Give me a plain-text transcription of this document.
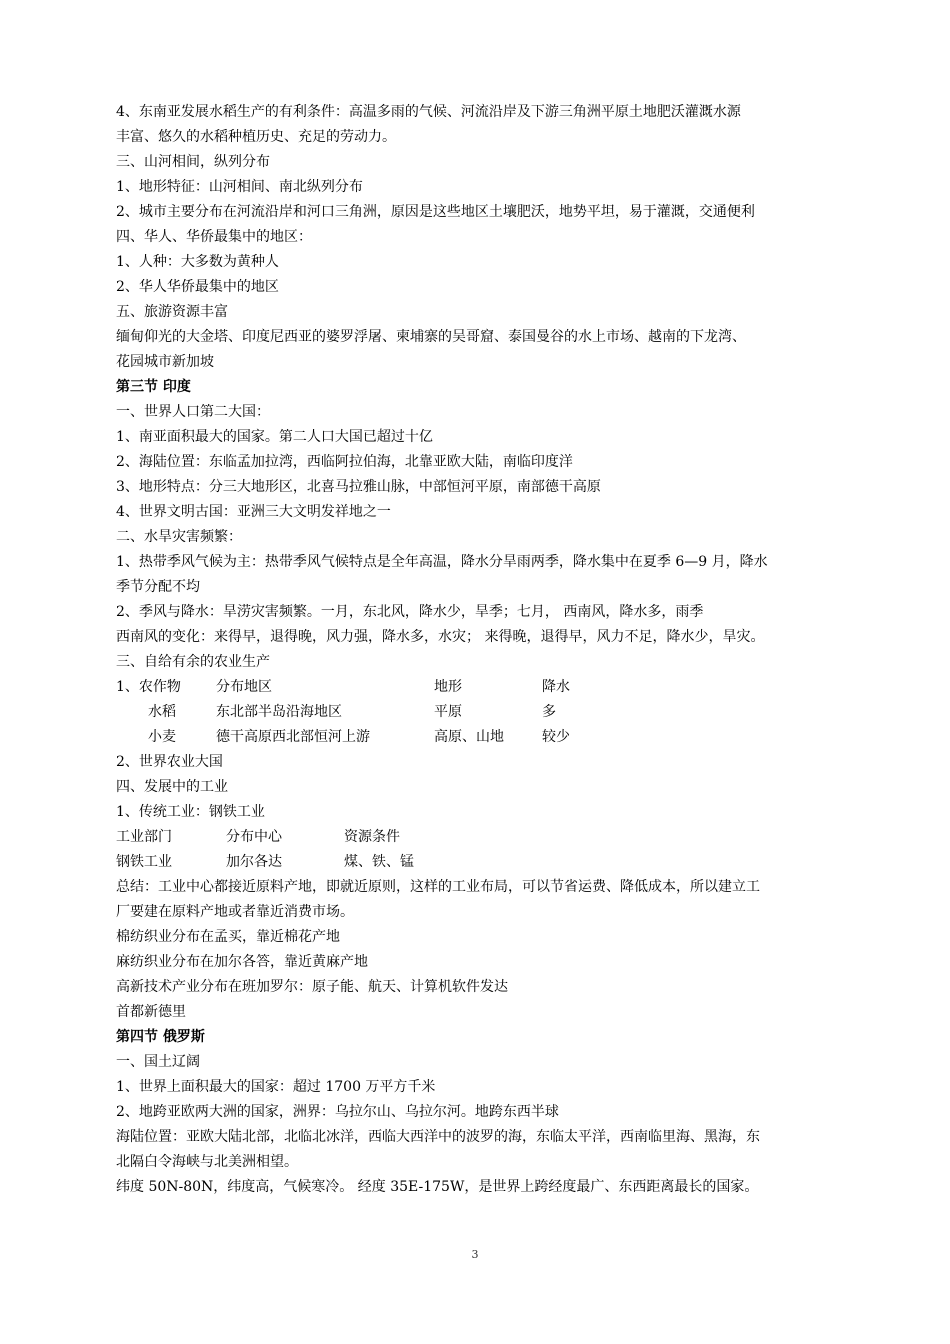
4、东南亚发展水稻生产的有利条件：高温多雨的气候、河流沿岸及下游三角洲平原土地肥沃灌溉水源
丰富、悠久的水稻种植历史、充足的劳动力。
三、山河相间，纵列分布
1、地形特征：山河相间、南北纵列分布
2、城市主要分布在河流沿岸和河口三角洲，原因是这些地区土壤肥沃，地势平坦，易于灌溉，交通便利
四、华人、华侨最集中的地区：
1、人种：大多数为黄种人
2、华人华侨最集中的地区
五、旅游资源丰富
缅甸仰光的大金塔、印度尼西亚的婆罗浮屠、柬埔寨的吴哥窟、泰国曼谷的水上市场、越南的下龙湾、
花园城市新加坡
第三节 印度
一、世界人口第二大国：
1、南亚面积最大的国家。第二人口大国已超过十亿
2、海陆位置：东临孟加拉湾，西临阿拉伯海，北靠亚欧大陆，南临印度洋
3、地形特点：分三大地形区，北喜马拉雅山脉，中部恒河平原，南部德干高原
4、世界文明古国：亚洲三大文明发祥地之一
二、水旱灾害频繁：
1、热带季风气候为主：热带季风气候特点是全年高温，降水分旱雨两季，降水集中在夏季 6—9 月，降水
季节分配不均
2、季风与降水：旱涝灾害频繁。一月，东北风，降水少，旱季；七月， 西南风，降水多，雨季
西南风的变化：来得早，退得晚，风力强，降水多，水灾； 来得晚，退得早，风力不足，降水少，旱灾。
三、自给有余的农业生产
1、农作物	分布地区	地形	降水
水稻	东北部半岛沿海地区	平原	多
小麦	德干高原西北部恒河上游	高原、山地	较少
2、世界农业大国
四、发展中的工业
1、传统工业：钢铁工业
工业部门	分布中心	资源条件
钢铁工业	加尔各达	煤、铁、锰
总结：工业中心都接近原料产地，即就近原则，这样的工业布局，可以节省运费、降低成本，所以建立工
厂要建在原料产地或者靠近消费市场。
棉纺织业分布在孟买，靠近棉花产地
麻纺织业分布在加尔各答，靠近黄麻产地
高新技术产业分布在班加罗尔：原子能、航天、计算机软件发达
首都新德里
第四节 俄罗斯
一、国土辽阔
1、世界上面积最大的国家：超过 1700 万平方千米
2、地跨亚欧两大洲的国家，洲界：乌拉尔山、乌拉尔河。地跨东西半球
海陆位置：亚欧大陆北部，北临北冰洋，西临大西洋中的波罗的海，东临太平洋，西南临里海、黑海，东
北隔白令海峡与北美洲相望。
纬度 50N-80N，纬度高，气候寒冷。 经度 35E-175W，是世界上跨经度最广、东西距离最长的国家。
3
